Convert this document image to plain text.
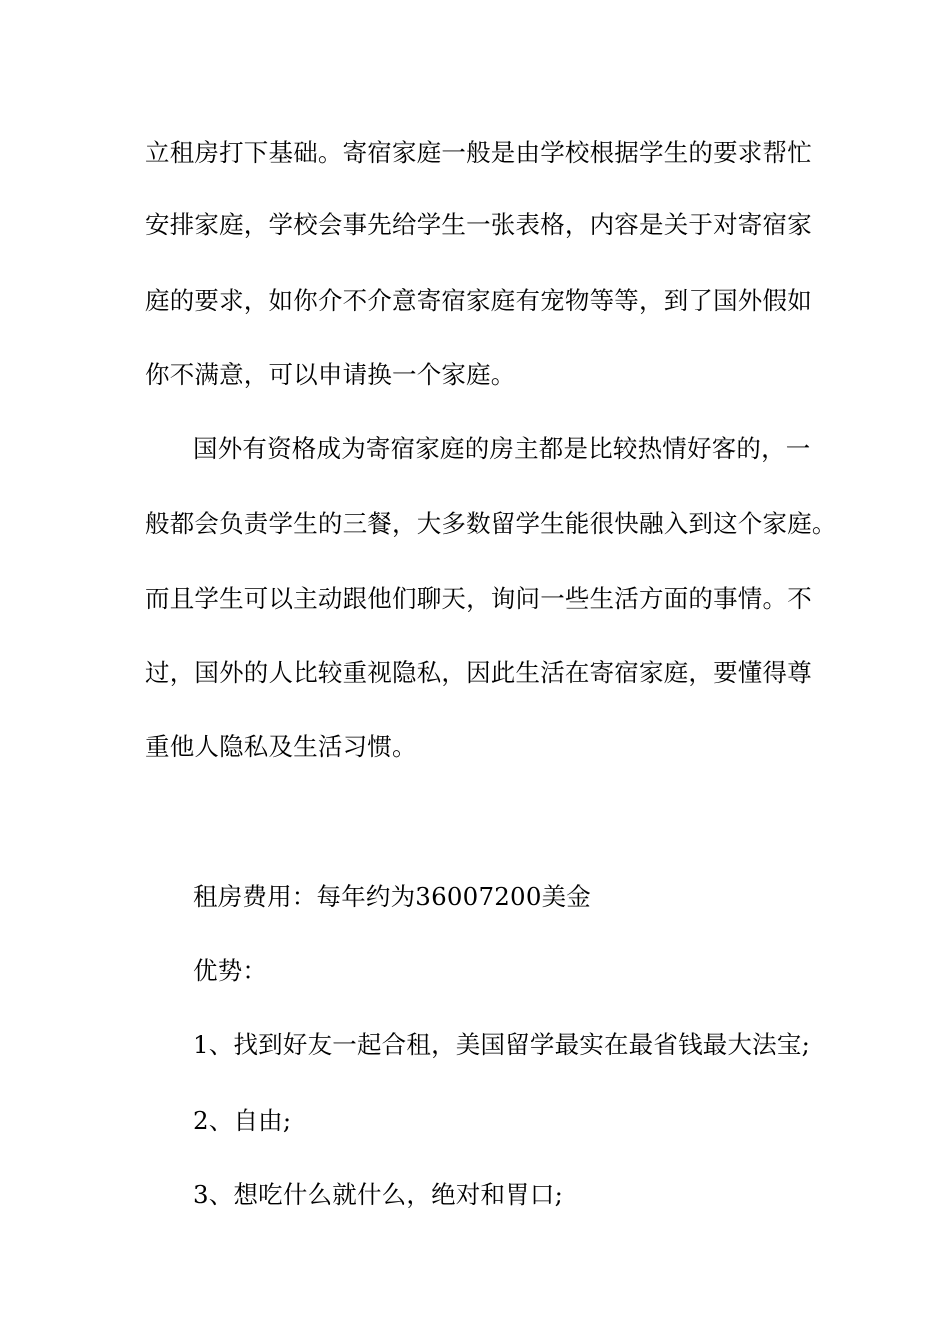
立租房打下基础。寄宿家庭一般是由学校根据学生的要求帮忙
安排家庭，学校会事先给学生一张表格，内容是关于对寄宿家
庭的要求，如你介不介意寄宿家庭有宠物等等，到了国外假如
你不满意，可以申请换一个家庭。
国外有资格成为寄宿家庭的房主都是比较热情好客的，一
般都会负责学生的三餐，大多数留学生能很快融入到这个家庭。
而且学生可以主动跟他们聊天，询问一些生活方面的事情。不
过，国外的人比较重视隐私，因此生活在寄宿家庭，要懂得尊
重他人隐私及生活习惯。
租房费用：每年约为36007200美金
优势：
1、找到好友一起合租，美国留学最实在最省钱最大法宝;
2、自由;
3、想吃什么就什么，绝对和胃口;
